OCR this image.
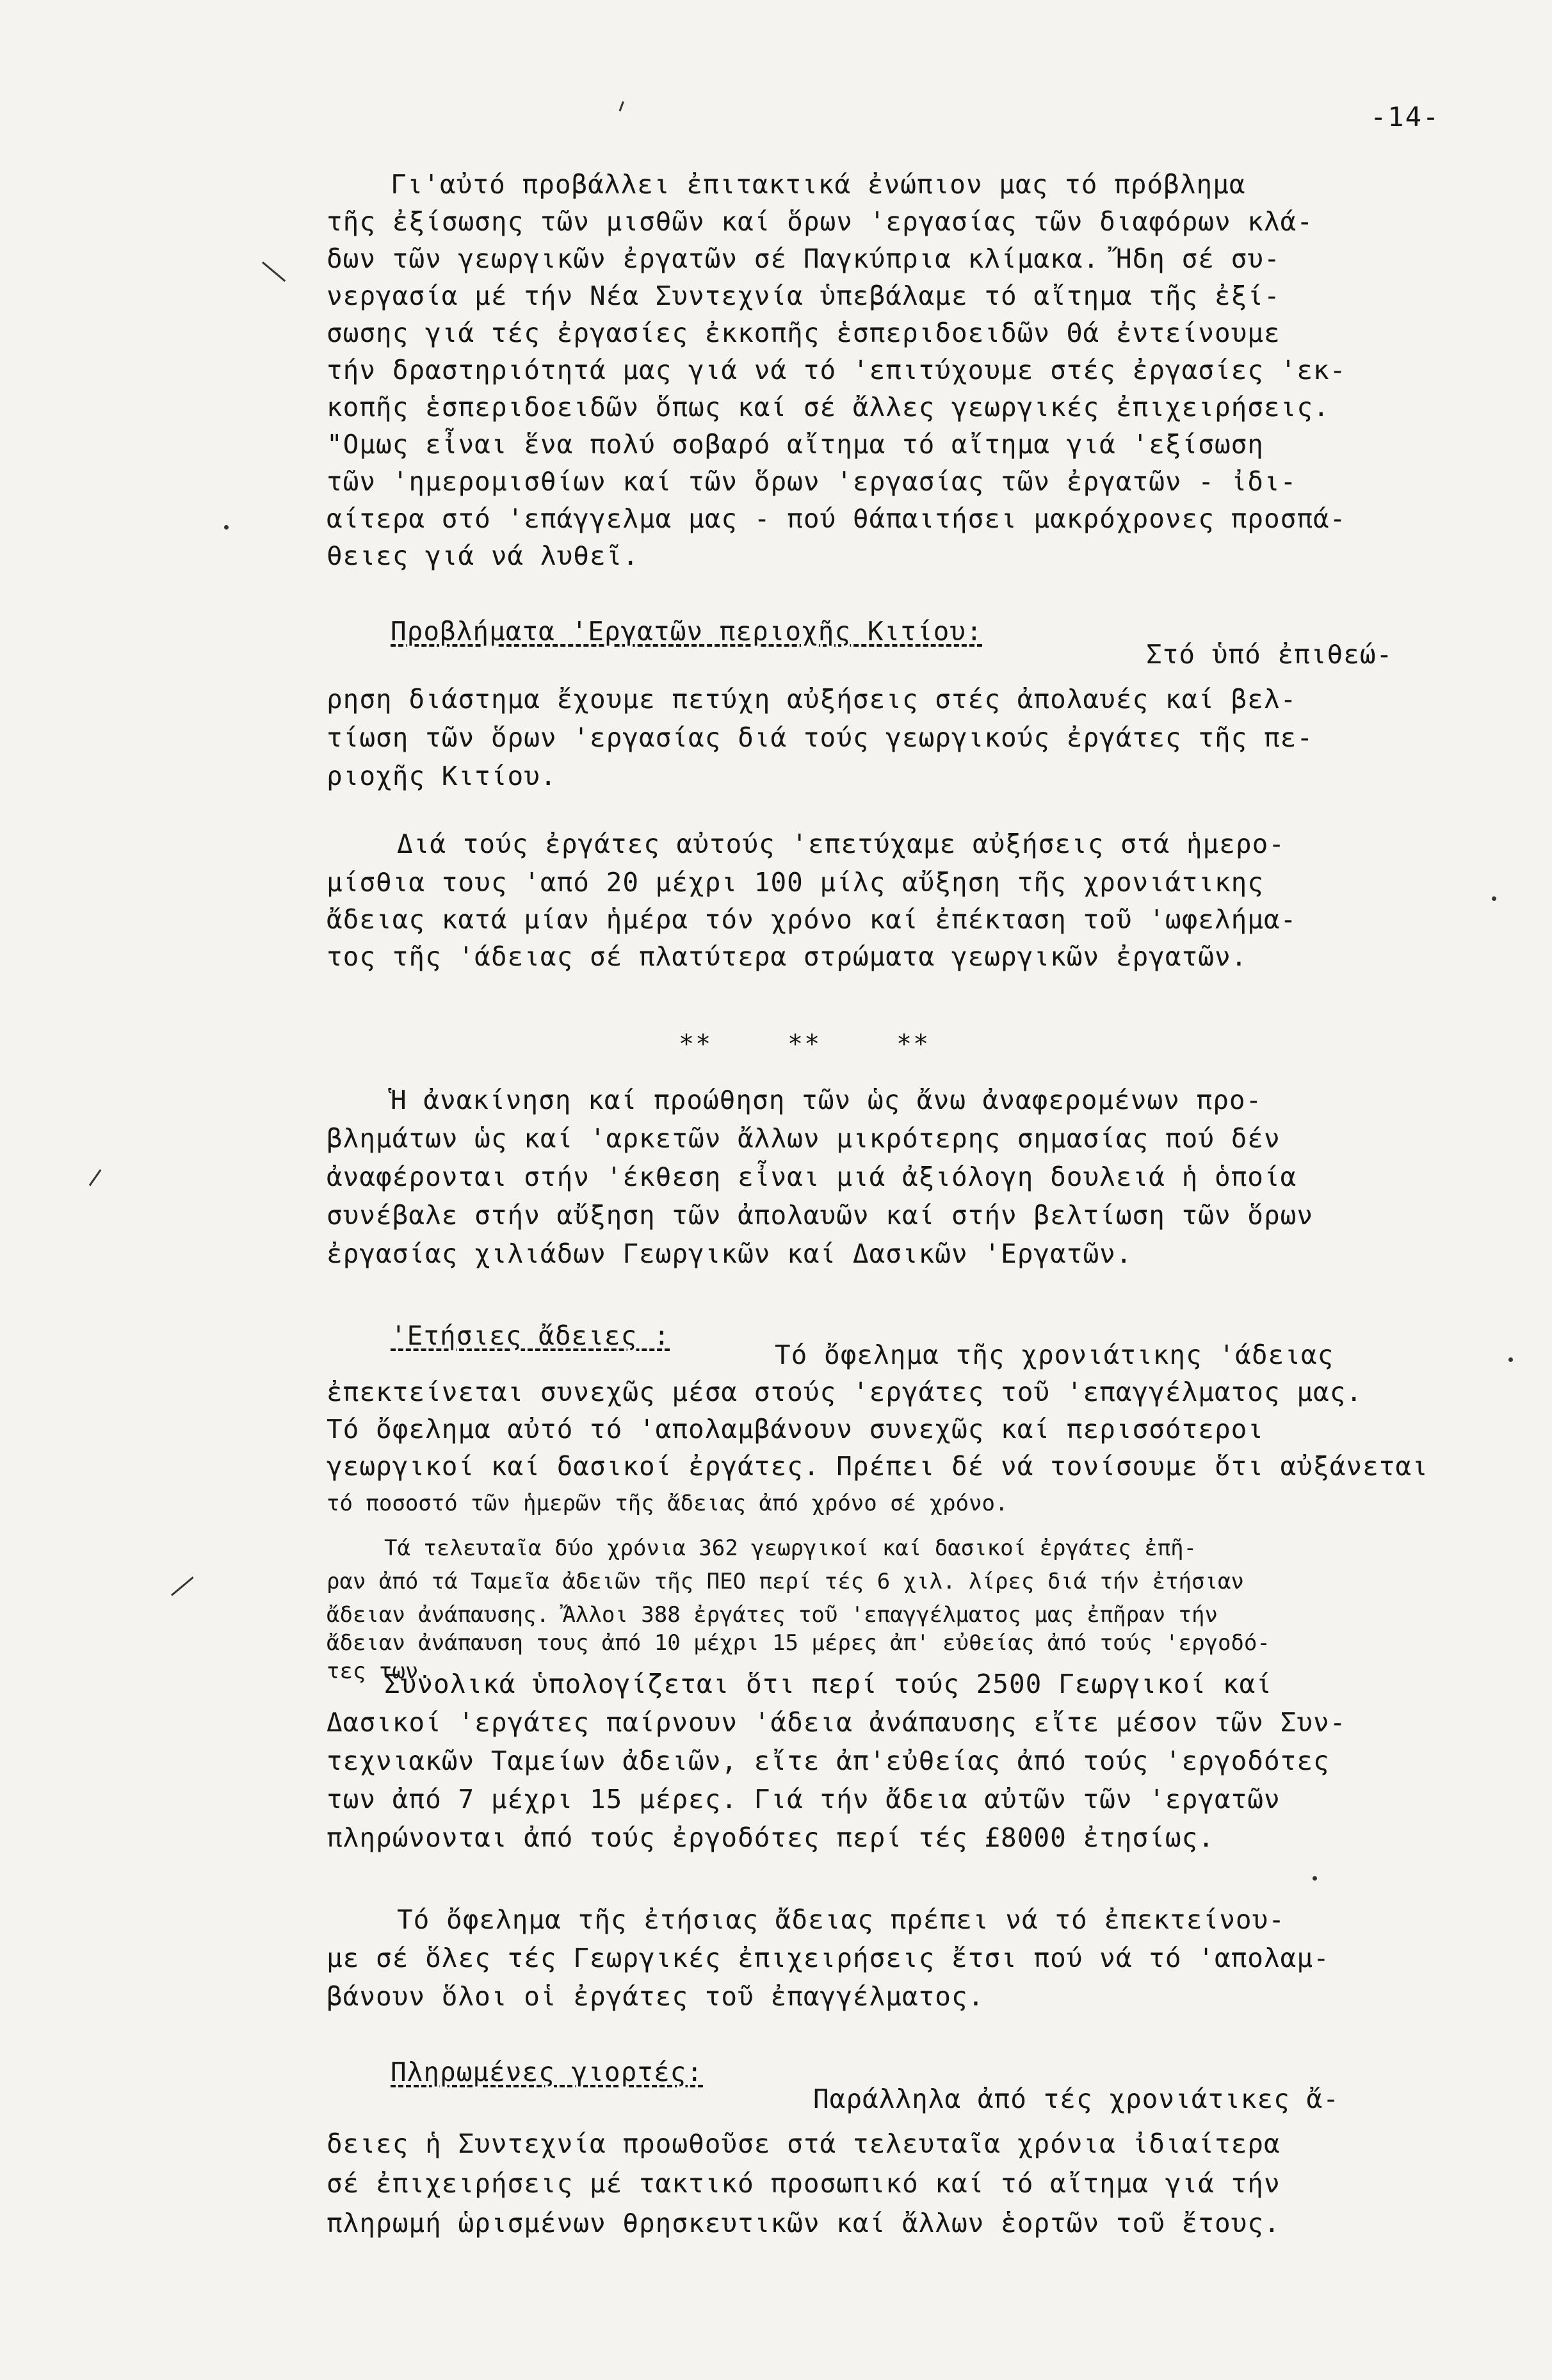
-14-
Γι'αὐτό προβάλλει ἐπιτακτικά ἐνώπιον μας τό πρόβλημα
τῆς ἐξίσωσης τῶν μισθῶν καί ὅρων 'εργασίας τῶν διαφόρων κλά-
δων τῶν γεωργικῶν ἐργατῶν σέ Παγκύπρια κλίμακα. Ἤδη σέ συ-
νεργασία μέ τήν Νέα Συντεχνία ὑπεβάλαμε τό αἴτημα τῆς ἐξί-
σωσης γιά τές ἐργασίες ἐκκοπῆς ἑσπεριδοειδῶν Θά ἐντείνουμε
τήν δραστηριότητά μας γιά νά τό 'επιτύχουμε στές ἐργασίες 'εκ-
κοπῆς ἑσπεριδοειδῶν ὅπως καί σέ ἄλλες γεωργικές ἐπιχειρήσεις.
"Ομως εἶναι ἕνα πολύ σοβαρό αἴτημα τό αἴτημα γιά 'εξίσωση
τῶν 'ημερομισθίων καί τῶν ὅρων 'εργασίας τῶν ἐργατῶν - ἰδι-
αίτερα στό 'επάγγελμα μας - πού θάπαιτήσει μακρόχρονες προσπά-
θειες γιά νά λυθεῖ.
Προβλήματα 'Εργατῶν περιοχῆς Κιτίου:
Στό ὑπό ἐπιθεώ-
ρηση διάστημα ἔχουμε πετύχη αὐξήσεις στές ἀπολαυές καί βελ-
τίωση τῶν ὅρων 'εργασίας διά τούς γεωργικούς ἐργάτες τῆς πε-
ριοχῆς Κιτίου.
Διά τούς ἐργάτες αὐτούς 'επετύχαμε αὐξήσεις στά ἡμερο-
μίσθια τους 'από 20 μέχρι 100 μίλς αὔξηση τῆς χρονιάτικης
ἄδειας κατά μίαν ἡμέρα τόν χρόνο καί ἐπέκταση τοῦ 'ωφελήμα-
τος τῆς 'άδειας σέ πλατύτερα στρώματα γεωργικῶν ἐργατῶν.
**	**	**
Ἡ ἀνακίνηση καί προώθηση τῶν ὡς ἄνω ἀναφερομένων προ-
βλημάτων ὡς καί 'αρκετῶν ἄλλων μικρότερης σημασίας πού δέν
ἀναφέρονται στήν 'έκθεση εἶναι μιά ἀξιόλογη δουλειά ἡ ὁποία
συνέβαλε στήν αὔξηση τῶν ἀπολαυῶν καί στήν βελτίωση τῶν ὅρων
ἐργασίας χιλιάδων Γεωργικῶν καί Δασικῶν 'Εργατῶν.
'Ετήσιες ἄδειες :
Τό ὄφελημα τῆς χρονιάτικης 'άδειας
ἐπεκτείνεται συνεχῶς μέσα στούς 'εργάτες τοῦ 'επαγγέλματος μας.
Τό ὄφελημα αὐτό τό 'απολαμβάνουν συνεχῶς καί περισσότεροι
γεωργικοί καί δασικοί ἐργάτες. Πρέπει δέ νά τονίσουμε ὅτι αὐξάνεται
τό ποσοστό τῶν ἡμερῶν τῆς ἄδειας ἀπό χρόνο σέ χρόνο.
Τά τελευταῖα δύο χρόνια 362 γεωργικοί καί δασικοί ἐργάτες ἐπῆ-
ραν ἀπό τά Ταμεῖα ἀδειῶν τῆς ΠΕΟ περί τές 6 χιλ. λίρες διά τήν ἐτήσιαν
ἄδειαν ἀνάπαυσης. Ἄλλοι 388 ἐργάτες τοῦ 'επαγγέλματος μας ἐπῆραν τήν
ἄδειαν ἀνάπαυση τους ἀπό 10 μέχρι 15 μέρες ἀπ' εὐθείας ἀπό τούς 'εργοδό-
τες των.
Συνολικά ὑπολογίζεται ὅτι περί τούς 2500 Γεωργικοί καί
Δασικοί 'εργάτες παίρνουν 'άδεια ἀνάπαυσης εἴτε μέσον τῶν Συν-
τεχνιακῶν Ταμείων ἀδειῶν, εἴτε ἀπ'εὐθείας ἀπό τούς 'εργοδότες
των ἀπό 7 μέχρι 15 μέρες. Γιά τήν ἄδεια αὐτῶν τῶν 'εργατῶν
πληρώνονται ἀπό τούς ἐργοδότες περί τές £8000 ἐτησίως.
Τό ὄφελημα τῆς ἐτήσιας ἄδειας πρέπει νά τό ἐπεκτείνου-
με σέ ὅλες τές Γεωργικές ἐπιχειρήσεις ἔτσι πού νά τό 'απολαμ-
βάνουν ὅλοι οἱ ἐργάτες τοῦ ἐπαγγέλματος.
Πληρωμένες γιορτές:
Παράλληλα ἀπό τές χρονιάτικες ἄ-
δειες ἡ Συντεχνία προωθοῦσε στά τελευταῖα χρόνια ἰδιαίτερα
σέ ἐπιχειρήσεις μέ τακτικό προσωπικό καί τό αἴτημα γιά τήν
πληρωμή ὡρισμένων θρησκευτικῶν καί ἄλλων ἑορτῶν τοῦ ἔτους.
